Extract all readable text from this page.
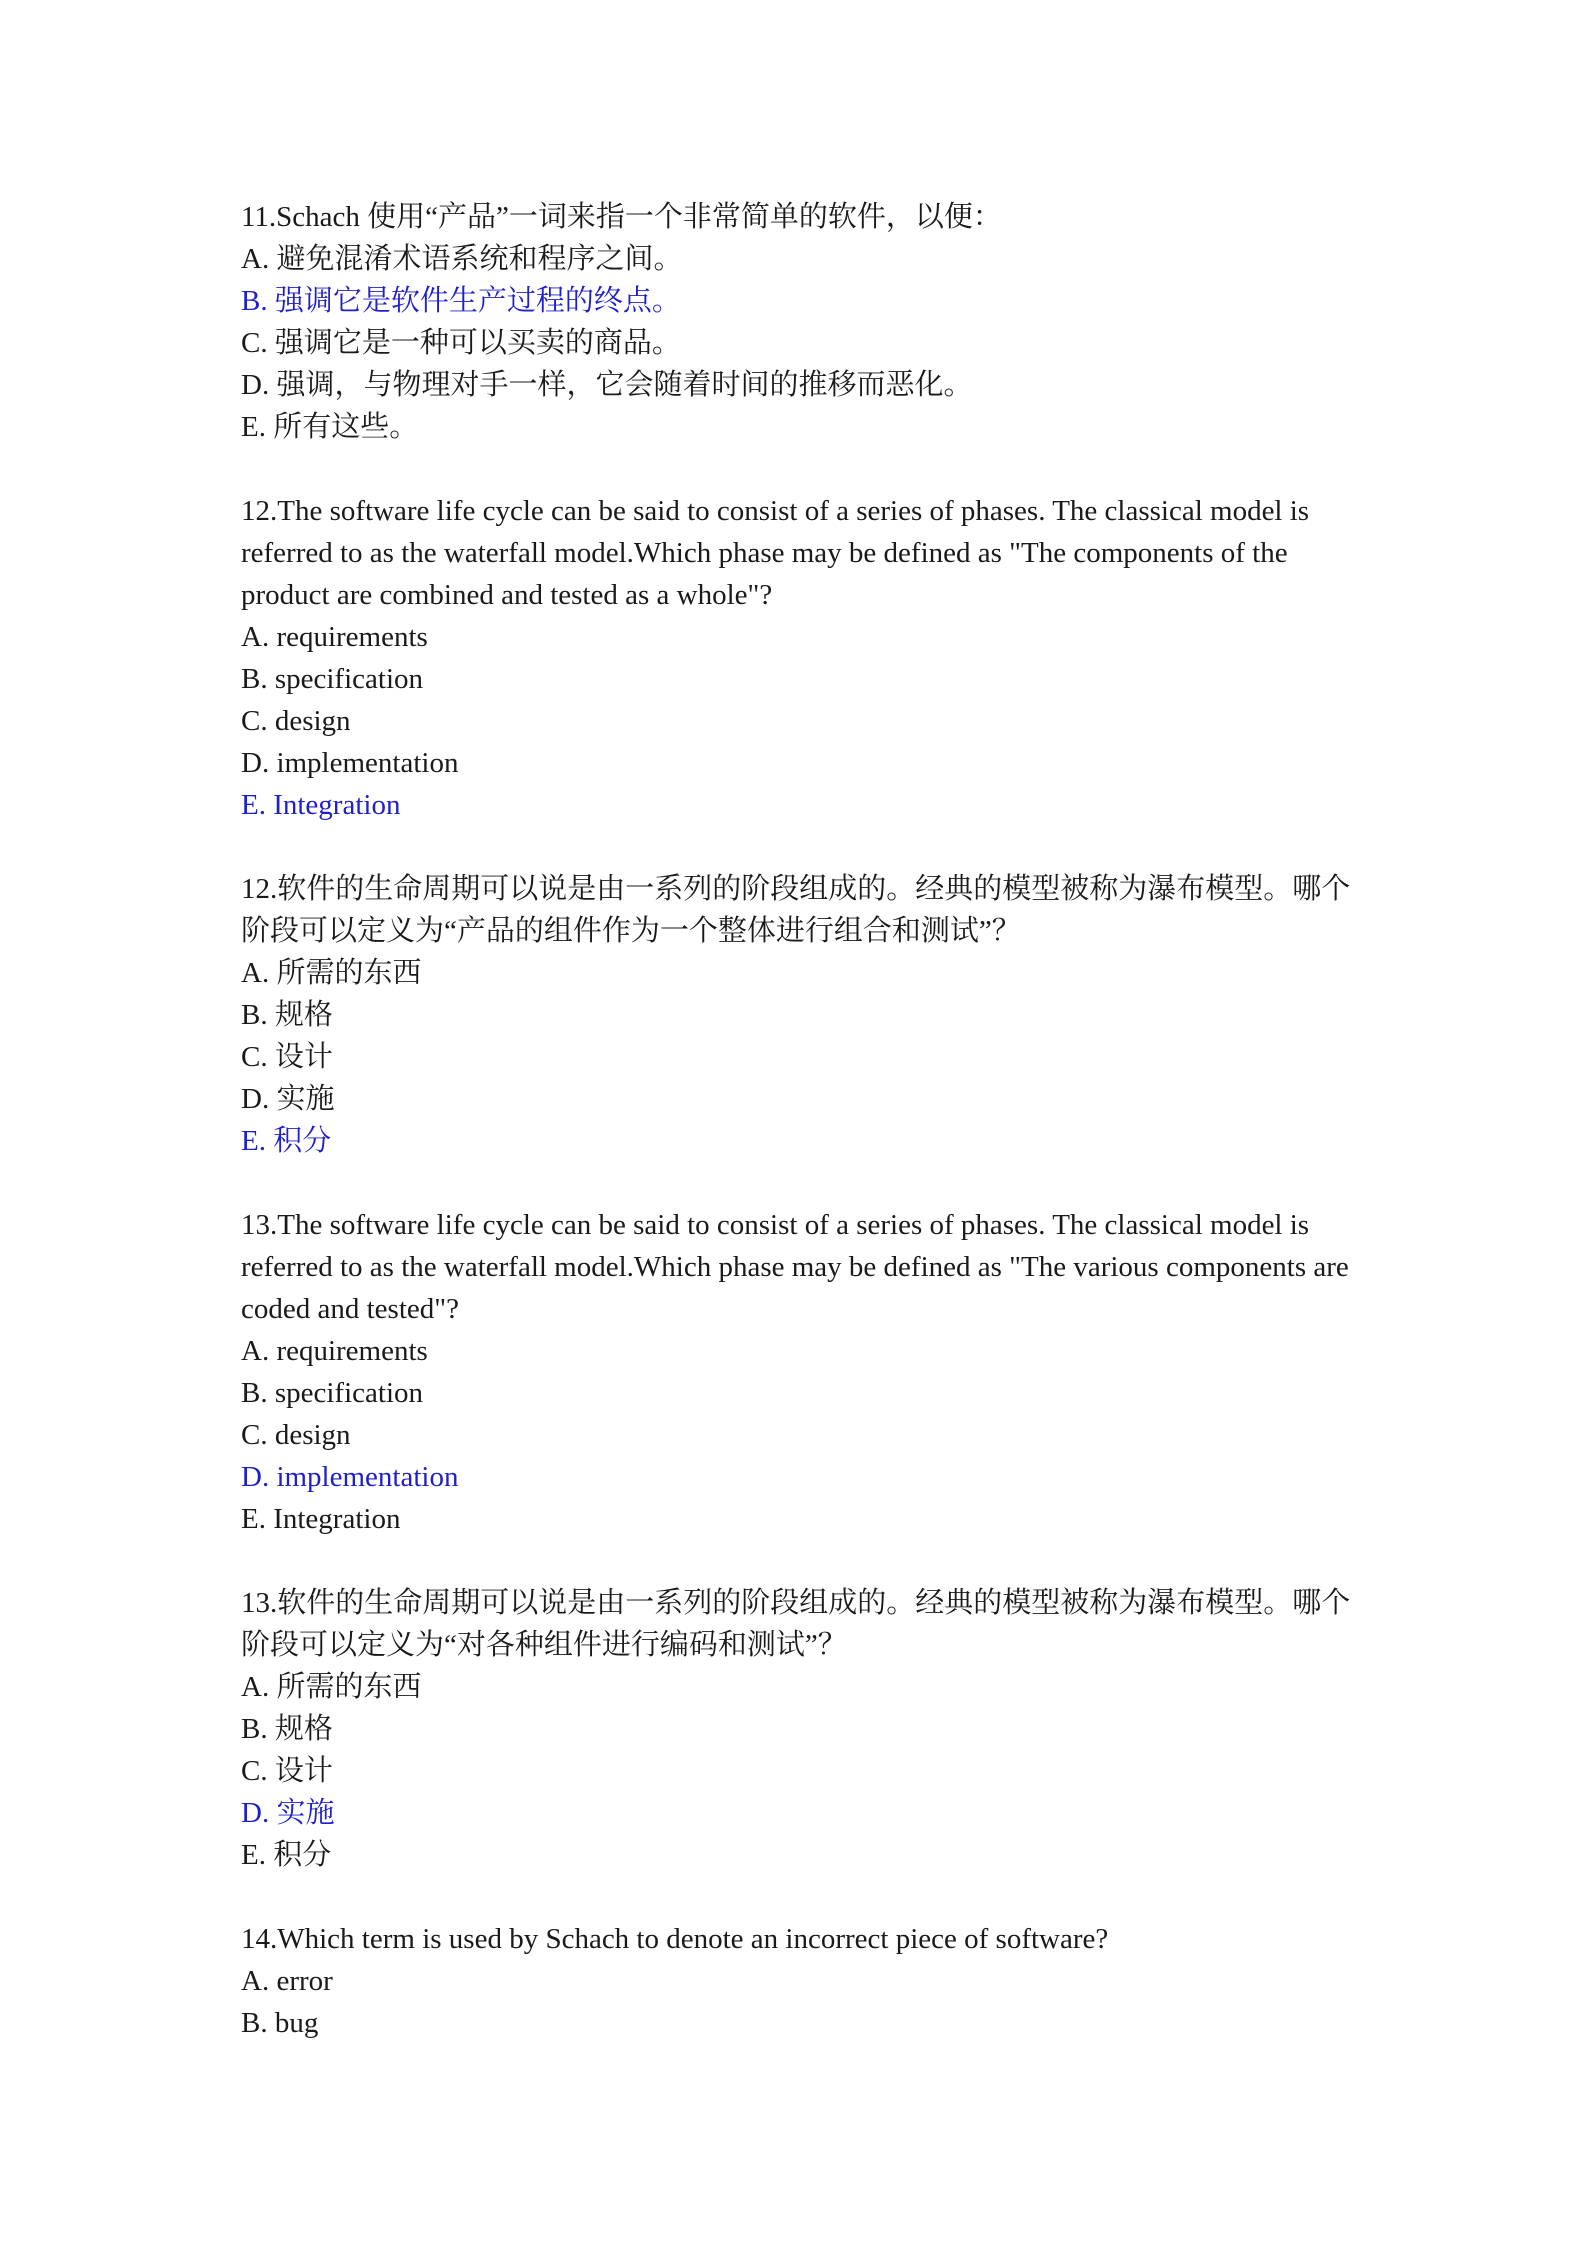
11.Schach 使用“产品”一词来指一个非常简单的软件，以便：

A. 避免混淆术语系统和程序之间。
B. 强调它是软件生产过程的终点。
C. 强调它是一种可以买卖的商品。
D. 强调，与物理对手一样，它会随着时间的推移而恶化。
E. 所有这些。

12.The software life cycle can be said to consist of a series of phases. The classical model is referred to as the waterfall model.Which phase may be defined as "The components of the product are combined and tested as a whole"?

A. requirements
B. specification
C. design
D. implementation
E. Integration

12.软件的生命周期可以说是由一系列的阶段组成的。经典的模型被称为瀑布模型。哪个阶段可以定义为“产品的组件作为一个整体进行组合和测试”？

A. 所需的东西
B. 规格
C. 设计
D. 实施
E. 积分

13.The software life cycle can be said to consist of a series of phases. The classical model is referred to as the waterfall model.Which phase may be defined as "The various components are coded and tested"?

A. requirements
B. specification
C. design
D. implementation
E. Integration

13.软件的生命周期可以说是由一系列的阶段组成的。经典的模型被称为瀑布模型。哪个阶段可以定义为“对各种组件进行编码和测试”？

A. 所需的东西
B. 规格
C. 设计
D. 实施
E. 积分

14.Which term is used by Schach to denote an incorrect piece of software?

A. error
B. bug
